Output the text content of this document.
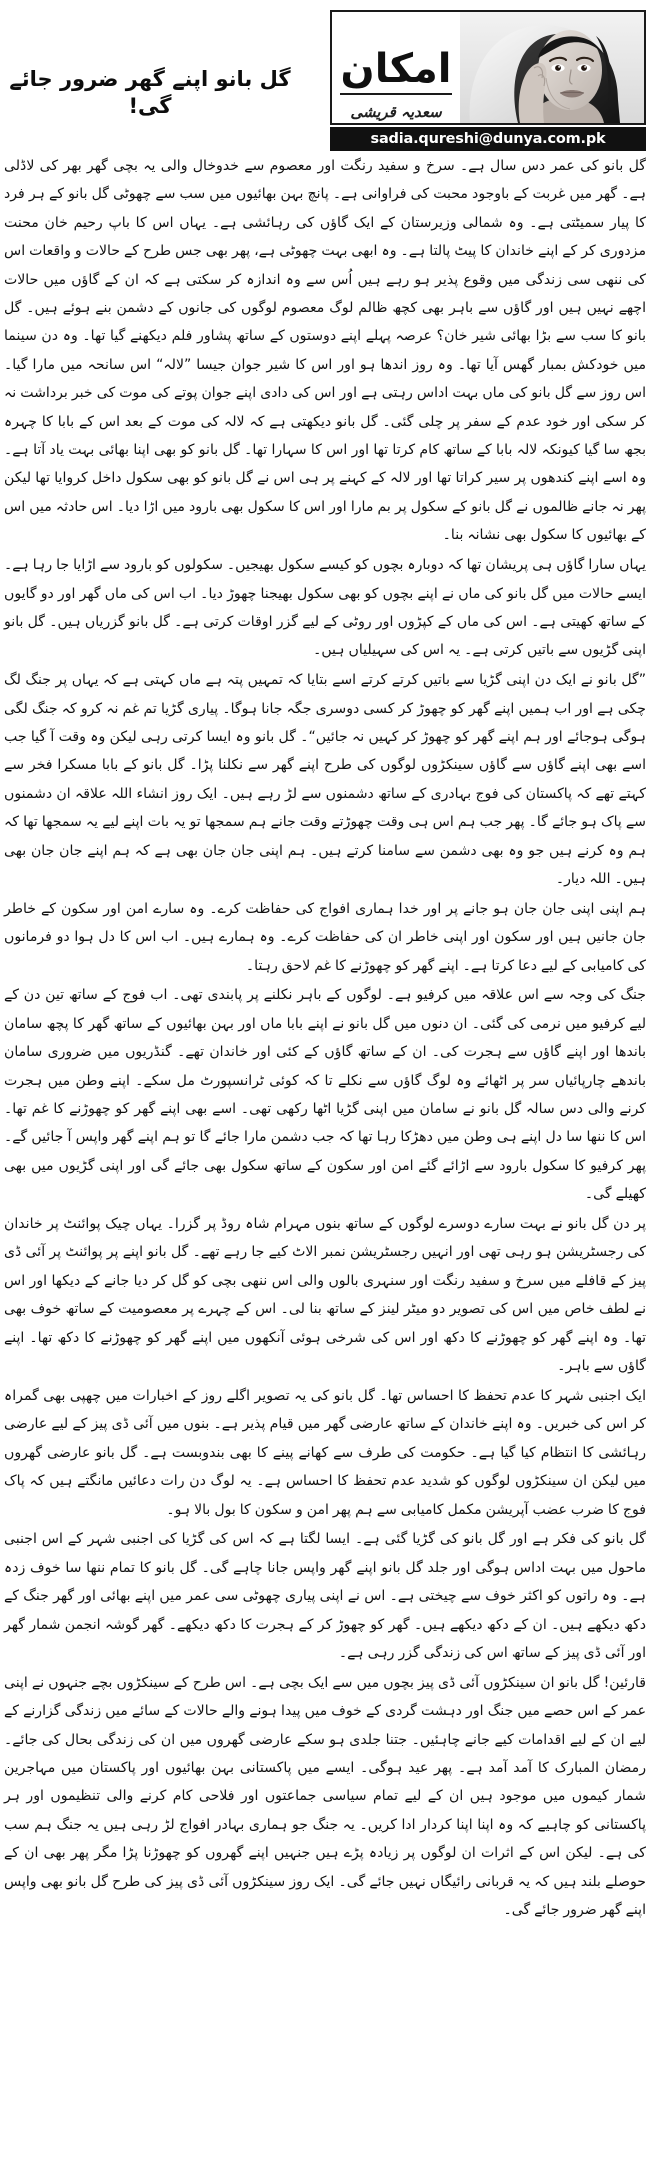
امکان
سعدیہ قریشی
sadia.qureshi@dunya.com.pk
گل بانو اپنے گھر ضرور جائے گی!

گل بانو کی عمر دس سال ہے۔ سرخ و سفید رنگت اور معصوم سے خدوخال والی یہ بچی گھر بھر کی لاڈلی ہے۔ گھر میں غربت کے باوجود محبت کی فراوانی ہے۔ پانچ بہن بھائیوں میں سب سے چھوٹی گل بانو کے ہر فرد کا پیار سمیٹتی ہے۔ وہ شمالی وزیرستان کے ایک گاؤں کی رہائشی ہے۔ یہاں اس کا باپ رحیم خان محنت مزدوری کر کے اپنے خاندان کا پیٹ پالتا ہے۔ وہ ابھی بہت چھوٹی ہے، پھر بھی جس طرح کے حالات و واقعات اس کی ننھی سی زندگی میں وقوع پذیر ہو رہے ہیں اُس سے وہ اندازہ کر سکتی ہے کہ ان کے گاؤں میں حالات اچھے نہیں ہیں اور گاؤں سے باہر بھی کچھ ظالم لوگ معصوم لوگوں کی جانوں کے دشمن بنے ہوئے ہیں۔ گل بانو کا سب سے بڑا بھائی شیر خان؟ عرصہ پہلے اپنے دوستوں کے ساتھ پشاور فلم دیکھنے گیا تھا۔ وہ دن سینما میں خودکش بمبار گھس آیا تھا۔ وہ روز اندھا ہو اور اس کا شیر جوان جیسا ”لالہ“ اس سانحہ میں مارا گیا۔ اس روز سے گل بانو کی ماں بہت اداس رہتی ہے اور اس کی دادی اپنے جوان پوتے کی موت کی خبر برداشت نہ کر سکی اور خود عدم کے سفر پر چلی گئی۔ گل بانو دیکھتی ہے کہ لالہ کی موت کے بعد اس کے بابا کا چہرہ بجھ سا گیا کیونکہ لالہ بابا کے ساتھ کام کرتا تھا اور اس کا سہارا تھا۔ گل بانو کو بھی اپنا بھائی بہت یاد آتا ہے۔ وہ اسے اپنے کندھوں پر سیر کراتا تھا اور لالہ کے کہنے پر ہی اس نے گل بانو کو بھی سکول داخل کروایا تھا لیکن پھر نہ جانے ظالموں نے گل بانو کے سکول پر بم مارا اور اس کا سکول بھی بارود میں اڑا دیا۔ اس حادثہ میں اس کے بھائیوں کا سکول بھی نشانہ بنا۔

یہاں سارا گاؤں ہی پریشان تھا کہ دوبارہ بچوں کو کیسے سکول بھیجیں۔ سکولوں کو بارود سے اڑایا جا رہا ہے۔ ایسے حالات میں گل بانو کی ماں نے اپنے بچوں کو بھی سکول بھیجنا چھوڑ دیا۔ اب اس کی ماں گھر اور دو گایوں کے ساتھ کھیتی ہے۔ اس کی ماں کے کپڑوں اور روٹی کے لیے گزر اوقات کرتی ہے۔ گل بانو گزریاں ہیں۔ گل بانو اپنی گڑیوں سے باتیں کرتی ہے۔ یہ اس کی سہیلیاں ہیں۔

”گل بانو نے ایک دن اپنی گڑیا سے باتیں کرتے کرتے اسے بتایا کہ تمہیں پتہ ہے ماں کہتی ہے کہ یہاں پر جنگ لگ چکی ہے اور اب ہمیں اپنے گھر کو چھوڑ کر کسی دوسری جگہ جانا ہوگا۔ پیاری گڑیا تم غم نہ کرو کہ جنگ لگی ہوگی ہوجائے اور ہم اپنے گھر کو چھوڑ کر کہیں نہ جائیں“۔ گل بانو وہ ایسا کرتی رہی لیکن وہ وقت آ گیا جب اسے بھی اپنے گاؤں سے گاؤں سینکڑوں لوگوں کی طرح اپنے گھر سے نکلنا پڑا۔ گل بانو کے بابا مسکرا فخر سے کہتے تھے کہ پاکستان کی فوج بہادری کے ساتھ دشمنوں سے لڑ رہے ہیں۔ ایک روز انشاء اللہ علاقہ ان دشمنوں سے پاک ہو جائے گا۔ پھر جب ہم اس ہی وقت چھوڑتے وقت جانے ہم سمجھا تو یہ بات اپنے لیے یہ سمجھا تھا کہ ہم وہ کرنے ہیں جو وہ بھی دشمن سے سامنا کرتے ہیں۔ ہم اپنی جان جان بھی ہے کہ ہم اپنے جان جان بھی ہیں۔ اللہ دیار۔

ہم اپنی اپنی جان جان ہو جانے پر اور خدا ہماری افواج کی حفاظت کرے۔ وہ سارے امن اور سکون کے خاطر جان جانیں ہیں اور سکون اور اپنی خاطر ان کی حفاظت کرے۔ وہ ہمارے ہیں۔ اب اس کا دل ہوا دو فرمانوں کی کامیابی کے لیے دعا کرتا ہے۔ اپنے گھر کو چھوڑنے کا غم لاحق رہتا۔

جنگ کی وجہ سے اس علاقہ میں کرفیو ہے۔ لوگوں کے باہر نکلنے پر پابندی تھی۔ اب فوج کے ساتھ تین دن کے لیے کرفیو میں نرمی کی گئی۔ ان دنوں میں گل بانو نے اپنے بابا ماں اور بہن بھائیوں کے ساتھ گھر کا پچھ سامان باندھا اور اپنے گاؤں سے ہجرت کی۔ ان کے ساتھ گاؤں کے کئی اور خاندان تھے۔ گنڈریوں میں ضروری سامان باندھے چارپائیاں سر پر اٹھائے وہ لوگ گاؤں سے نکلے تا کہ کوئی ٹرانسپورٹ مل سکے۔ اپنے وطن میں ہجرت کرنے والی دس سالہ گل بانو نے سامان میں اپنی گڑیا اٹھا رکھی تھی۔ اسے بھی اپنے گھر کو چھوڑنے کا غم تھا۔ اس کا ننھا سا دل اپنے ہی وطن میں دھڑکا رہا تھا کہ جب دشمن مارا جائے گا تو ہم اپنے گھر واپس آ جائیں گے۔ پھر کرفیو کا سکول بارود سے اڑائے گئے امن اور سکون کے ساتھ سکول بھی جائے گی اور اپنی گڑیوں میں بھی کھیلے گی۔

پر دن گل بانو نے بہت سارے دوسرے لوگوں کے ساتھ بنوں مہرام شاہ روڈ پر گزرا۔ یہاں چیک پوائنٹ پر خاندان کی رجسٹریشن ہو رہی تھی اور انہیں رجسٹریشن نمبر الاٹ کیے جا رہے تھے۔ گل بانو اپنے پر پوائنٹ پر آئی ڈی پیز کے قافلے میں سرخ و سفید رنگت اور سنہری بالوں والی اس ننھی بچی کو گل کر دیا جانے کے دیکھا اور اس نے لطف خاص میں اس کی تصویر دو میٹر لینز کے ساتھ بنا لی۔ اس کے چہرے پر معصومیت کے ساتھ خوف بھی تھا۔ وہ اپنے گھر کو چھوڑنے کا دکھ اور اس کی شرخی ہوئی آنکھوں میں اپنے گھر کو چھوڑنے کا دکھ تھا۔ اپنے گاؤں سے باہر۔

ایک اجنبی شہر کا عدم تحفظ کا احساس تھا۔ گل بانو کی یہ تصویر اگلے روز کے اخبارات میں چھپی بھی گمراہ کر اس کی خبریں۔ وہ اپنے خاندان کے ساتھ عارضی گھر میں قیام پذیر ہے۔ بنوں میں آئی ڈی پیز کے لیے عارضی رہائشی کا انتظام کیا گیا ہے۔ حکومت کی طرف سے کھانے پینے کا بھی بندوبست ہے۔ گل بانو عارضی گھروں میں لیکن ان سینکڑوں لوگوں کو شدید عدم تحفظ کا احساس ہے۔ یہ لوگ دن رات دعائیں مانگتے ہیں کہ پاک فوج کا ضرب عضب آپریشن مکمل کامیابی سے ہم پھر امن و سکون کا بول بالا ہو۔

گل بانو کی فکر ہے اور گل بانو کی گڑیا گئی ہے۔ ایسا لگتا ہے کہ اس کی گڑیا کی اجنبی شہر کے اس اجنبی ماحول میں بہت اداس ہوگی اور جلد گل بانو اپنے گھر واپس جانا چاہے گی۔ گل بانو کا تمام ننھا سا خوف زدہ ہے۔ وہ راتوں کو اکثر خوف سے چیختی ہے۔ اس نے اپنی پیاری چھوٹی سی عمر میں اپنے بھائی اور گھر جنگ کے دکھ دیکھے ہیں۔ ان کے دکھ دیکھے ہیں۔ گھر کو چھوڑ کر کے ہجرت کا دکھ دیکھے۔ گھر گوشہ انجمن شمار گھر اور آئی ڈی پیز کے ساتھ اس کی زندگی گزر رہی ہے۔

قارئین! گل بانو ان سینکڑوں آئی ڈی پیز بچوں میں سے ایک بچی ہے۔ اس طرح کے سینکڑوں بچے جنہوں نے اپنی عمر کے اس حصے میں جنگ اور دہشت گردی کے خوف میں پیدا ہونے والے حالات کے سائے میں زندگی گزارنے کے لیے ان کے لیے اقدامات کیے جانے چاہئیں۔ جتنا جلدی ہو سکے عارضی گھروں میں ان کی زندگی بحال کی جائے۔ رمضان المبارک کا آمد آمد ہے۔ پھر عید ہوگی۔ ایسے میں پاکستانی بہن بھائیوں اور پاکستان میں مہاجرین شمار کیموں میں موجود ہیں ان کے لیے تمام سیاسی جماعتوں اور فلاحی کام کرنے والی تنظیموں اور ہر پاکستانی کو چاہیے کہ وہ اپنا اپنا کردار ادا کریں۔ یہ جنگ جو ہماری بہادر افواج لڑ رہی ہیں یہ جنگ ہم سب کی ہے۔ لیکن اس کے اثرات ان لوگوں پر زیادہ پڑے ہیں جنہیں اپنے گھروں کو چھوڑنا پڑا مگر پھر بھی ان کے حوصلے بلند ہیں کہ یہ قربانی رائیگاں نہیں جائے گی۔ ایک روز سینکڑوں آئی ڈی پیز کی طرح گل بانو بھی واپس اپنے گھر ضرور جائے گی۔
